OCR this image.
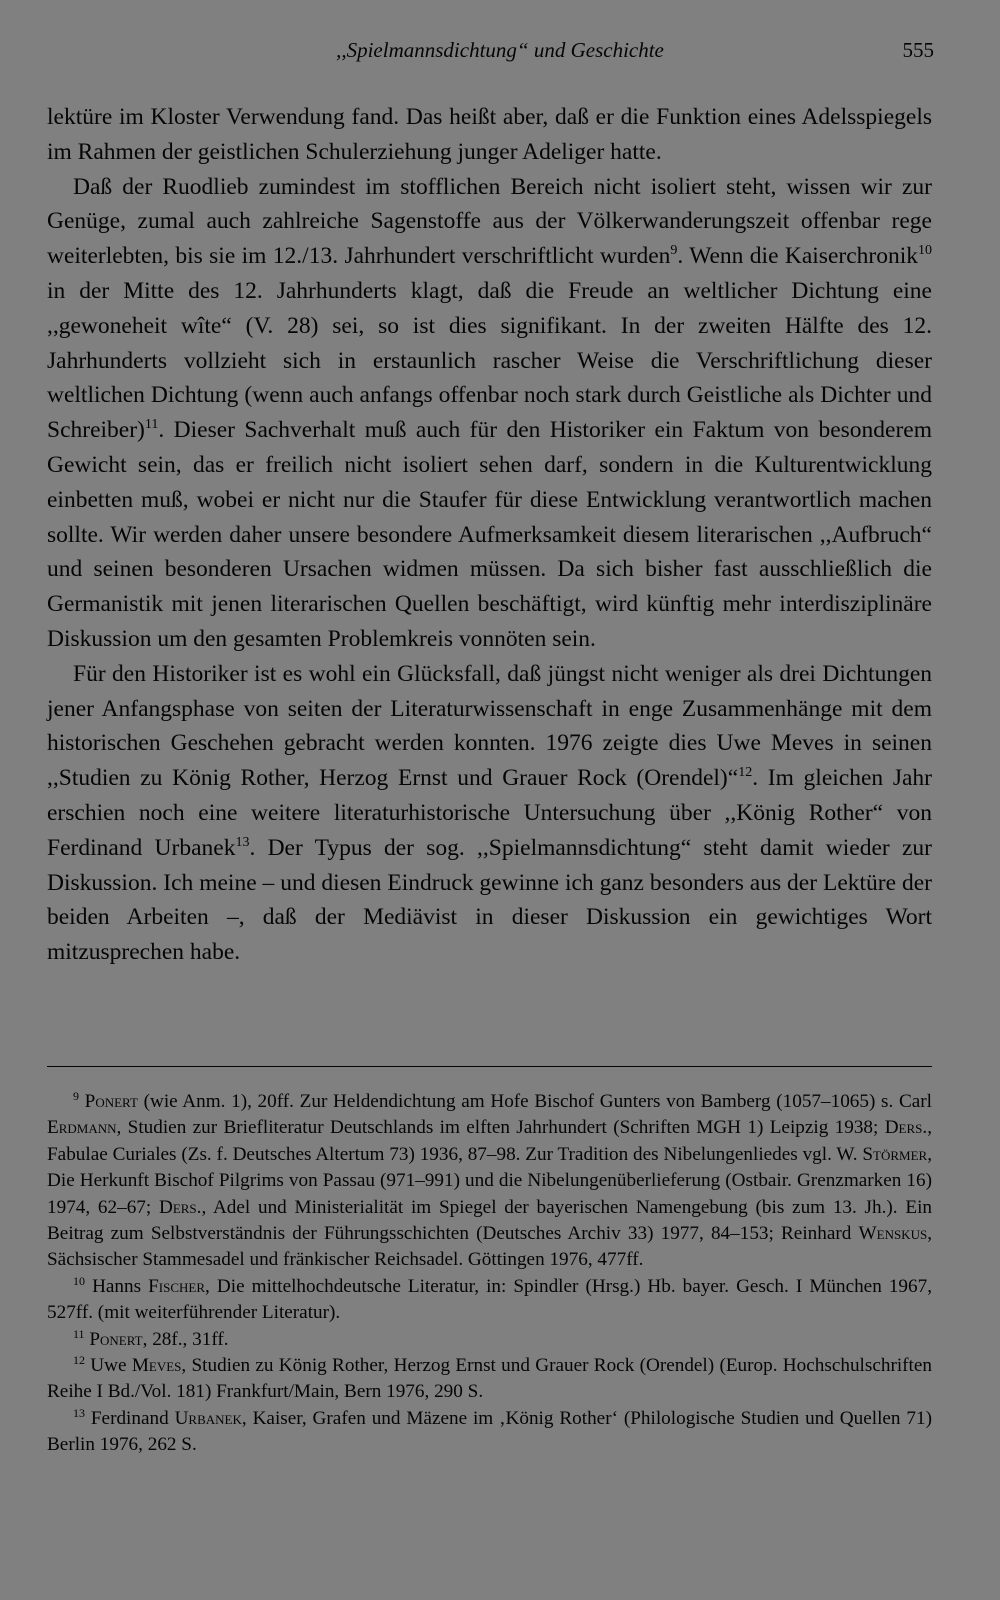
,,Spielmannsdichtung“ und Geschichte	555

lektüre im Kloster Verwendung fand. Das heißt aber, daß er die Funktion eines Adelsspiegels im Rahmen der geistlichen Schulerziehung junger Adeliger hatte.

Daß der Ruodlieb zumindest im stofflichen Bereich nicht isoliert steht, wissen wir zur Genüge, zumal auch zahlreiche Sagenstoffe aus der Völkerwanderungszeit offenbar rege weiterlebten, bis sie im 12./13. Jahrhundert verschriftlicht wurden$^9$. Wenn die Kaiserchronik$^{10}$ in der Mitte des 12. Jahrhunderts klagt, daß die Freude an weltlicher Dichtung eine ,,gewoneheit wîte“ (V. 28) sei, so ist dies signifikant. In der zweiten Hälfte des 12. Jahrhunderts vollzieht sich in erstaunlich rascher Weise die Verschriftlichung dieser weltlichen Dichtung (wenn auch anfangs offenbar noch stark durch Geistliche als Dichter und Schreiber)$^{11}$. Dieser Sachverhalt muß auch für den Historiker ein Faktum von besonderem Gewicht sein, das er freilich nicht isoliert sehen darf, sondern in die Kulturentwicklung einbetten muß, wobei er nicht nur die Staufer für diese Entwicklung verantwortlich machen sollte. Wir werden daher unsere besondere Aufmerksamkeit diesem literarischen ,,Aufbruch“ und seinen besonderen Ursachen widmen müssen. Da sich bisher fast ausschließlich die Germanistik mit jenen literarischen Quellen beschäftigt, wird künftig mehr interdisziplinäre Diskussion um den gesamten Problemkreis vonnöten sein.

Für den Historiker ist es wohl ein Glücksfall, daß jüngst nicht weniger als drei Dichtungen jener Anfangsphase von seiten der Literaturwissenschaft in enge Zusammenhänge mit dem historischen Geschehen gebracht werden konnten. 1976 zeigte dies Uwe Meves in seinen ,,Studien zu König Rother, Herzog Ernst und Grauer Rock (Orendel)“$^{12}$. Im gleichen Jahr erschien noch eine weitere literaturhistorische Untersuchung über ,,König Rother“ von Ferdinand Urbanek$^{13}$. Der Typus der sog. ,,Spielmannsdichtung“ steht damit wieder zur Diskussion. Ich meine – und diesen Eindruck gewinne ich ganz besonders aus der Lektüre der beiden Arbeiten –, daß der Mediävist in dieser Diskussion ein gewichtiges Wort mitzusprechen habe.

$^9$ Ponert (wie Anm. 1), 20ff. Zur Heldendichtung am Hofe Bischof Gunters von Bamberg (1057–1065) s. Carl Erdmann, Studien zur Briefliteratur Deutschlands im elften Jahrhundert (Schriften MGH 1) Leipzig 1938; Ders., Fabulae Curiales (Zs. f. Deutsches Altertum 73) 1936, 87–98. Zur Tradition des Nibelungenliedes vgl. W. Störmer, Die Herkunft Bischof Pilgrims von Passau (971–991) und die Nibelungenüberlieferung (Ostbair. Grenzmarken 16) 1974, 62–67; Ders., Adel und Ministerialität im Spiegel der bayerischen Namengebung (bis zum 13. Jh.). Ein Beitrag zum Selbstverständnis der Führungsschichten (Deutsches Archiv 33) 1977, 84–153; Reinhard Wenskus, Sächsischer Stammesadel und fränkischer Reichsadel. Göttingen 1976, 477ff.

$^{10}$ Hanns Fischer, Die mittelhochdeutsche Literatur, in: Spindler (Hrsg.) Hb. bayer. Gesch. I München 1967, 527ff. (mit weiterführender Literatur).

$^{11}$ Ponert, 28f., 31ff.

$^{12}$ Uwe Meves, Studien zu König Rother, Herzog Ernst und Grauer Rock (Orendel) (Europ. Hochschulschriften Reihe I Bd./Vol. 181) Frankfurt/Main, Bern 1976, 290 S.

$^{13}$ Ferdinand Urbanek, Kaiser, Grafen und Mäzene im ‚König Rother‘ (Philologische Studien und Quellen 71) Berlin 1976, 262 S.
